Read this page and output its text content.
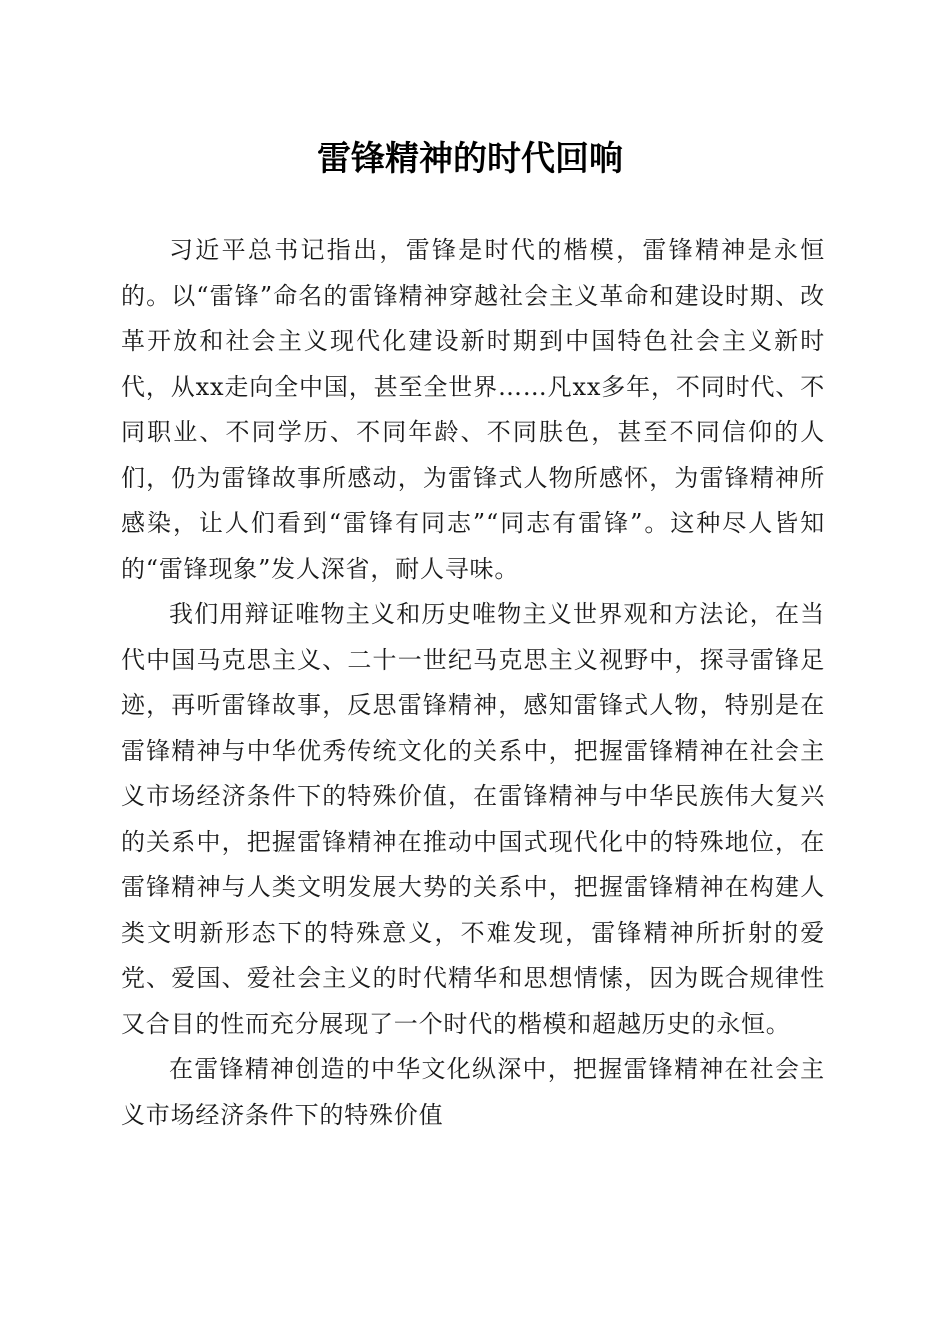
雷锋精神的时代回响

习近平总书记指出，雷锋是时代的楷模，雷锋精神是永恒的。以“雷锋”命名的雷锋精神穿越社会主义革命和建设时期、改革开放和社会主义现代化建设新时期到中国特色社会主义新时代，从xx走向全中国，甚至全世界……凡xx多年，不同时代、不同职业、不同学历、不同年龄、不同肤色，甚至不同信仰的人们，仍为雷锋故事所感动，为雷锋式人物所感怀，为雷锋精神所感染，让人们看到“雷锋有同志”“同志有雷锋”。这种尽人皆知的“雷锋现象”发人深省，耐人寻味。

我们用辩证唯物主义和历史唯物主义世界观和方法论，在当代中国马克思主义、二十一世纪马克思主义视野中，探寻雷锋足迹，再听雷锋故事，反思雷锋精神，感知雷锋式人物，特别是在雷锋精神与中华优秀传统文化的关系中，把握雷锋精神在社会主义市场经济条件下的特殊价值，在雷锋精神与中华民族伟大复兴的关系中，把握雷锋精神在推动中国式现代化中的特殊地位，在雷锋精神与人类文明发展大势的关系中，把握雷锋精神在构建人类文明新形态下的特殊意义，不难发现，雷锋精神所折射的爱党、爱国、爱社会主义的时代精华和思想情愫，因为既合规律性又合目的性而充分展现了一个时代的楷模和超越历史的永恒。

在雷锋精神创造的中华文化纵深中，把握雷锋精神在社会主义市场经济条件下的特殊价值
